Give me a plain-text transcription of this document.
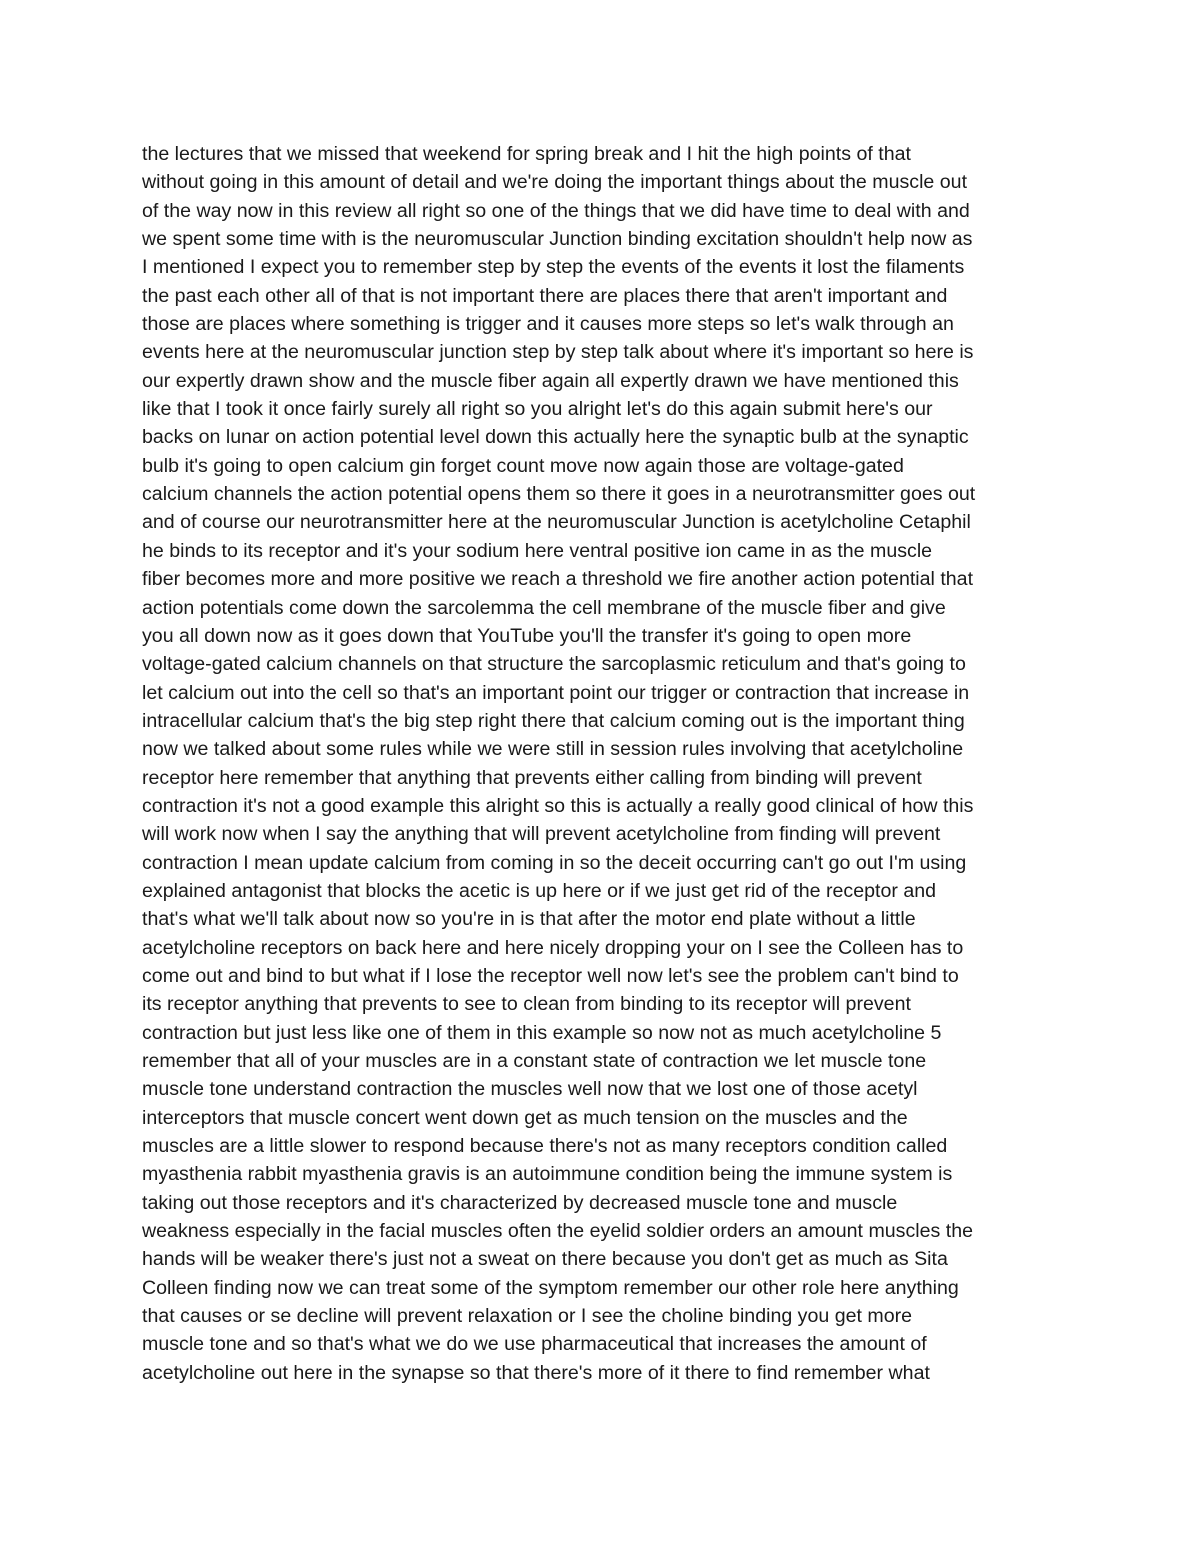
the lectures that we missed that weekend for spring break and I hit the high points of that
without going in this amount of detail and we're doing the important things about the muscle out
of the way now in this review all right so one of the things that we did have time to deal with and
we spent some time with is the neuromuscular Junction binding excitation shouldn't help now as
I mentioned I expect you to remember step by step the events of the events it lost the filaments
the past each other all of that is not important there are places there that aren't important and
those are places where something is trigger and it causes more steps so let's walk through an
events here at the neuromuscular junction step by step talk about where it's important so here is
our expertly drawn show and the muscle fiber again all expertly drawn we have mentioned this
like that I took it once fairly surely all right so you alright let's do this again submit here's our
backs on lunar on action potential level down this actually here the synaptic bulb at the synaptic
bulb it's going to open calcium gin forget count move now again those are voltage-gated
calcium channels the action potential opens them so there it goes in a neurotransmitter goes out
and of course our neurotransmitter here at the neuromuscular Junction is acetylcholine Cetaphil
he binds to its receptor and it's your sodium here ventral positive ion came in as the muscle
fiber becomes more and more positive we reach a threshold we fire another action potential that
action potentials come down the sarcolemma the cell membrane of the muscle fiber and give
you all down now as it goes down that YouTube you'll the transfer it's going to open more
voltage-gated calcium channels on that structure the sarcoplasmic reticulum and that's going to
let calcium out into the cell so that's an important point our trigger or contraction that increase in
intracellular calcium that's the big step right there that calcium coming out is the important thing
now we talked about some rules while we were still in session rules involving that acetylcholine
receptor here remember that anything that prevents either calling from binding will prevent
contraction it's not a good example this alright so this is actually a really good clinical of how this
will work now when I say the anything that will prevent acetylcholine from finding will prevent
contraction I mean update calcium from coming in so the deceit occurring can't go out I'm using
explained antagonist that blocks the acetic is up here or if we just get rid of the receptor and
that's what we'll talk about now so you're in is that after the motor end plate without a little
acetylcholine receptors on back here and here nicely dropping your on I see the Colleen has to
come out and bind to but what if I lose the receptor well now let's see the problem can't bind to
its receptor anything that prevents to see to clean from binding to its receptor will prevent
contraction but just less like one of them in this example so now not as much acetylcholine 5
remember that all of your muscles are in a constant state of contraction we let muscle tone
muscle tone understand contraction the muscles well now that we lost one of those acetyl
interceptors that muscle concert went down get as much tension on the muscles and the
muscles are a little slower to respond because there's not as many receptors condition called
myasthenia rabbit myasthenia gravis is an autoimmune condition being the immune system is
taking out those receptors and it's characterized by decreased muscle tone and muscle
weakness especially in the facial muscles often the eyelid soldier orders an amount muscles the
hands will be weaker there's just not a sweat on there because you don't get as much as Sita
Colleen finding now we can treat some of the symptom remember our other role here anything
that causes or se decline will prevent relaxation or I see the choline binding you get more
muscle tone and so that's what we do we use pharmaceutical that increases the amount of
acetylcholine out here in the synapse so that there's more of it there to find remember what
